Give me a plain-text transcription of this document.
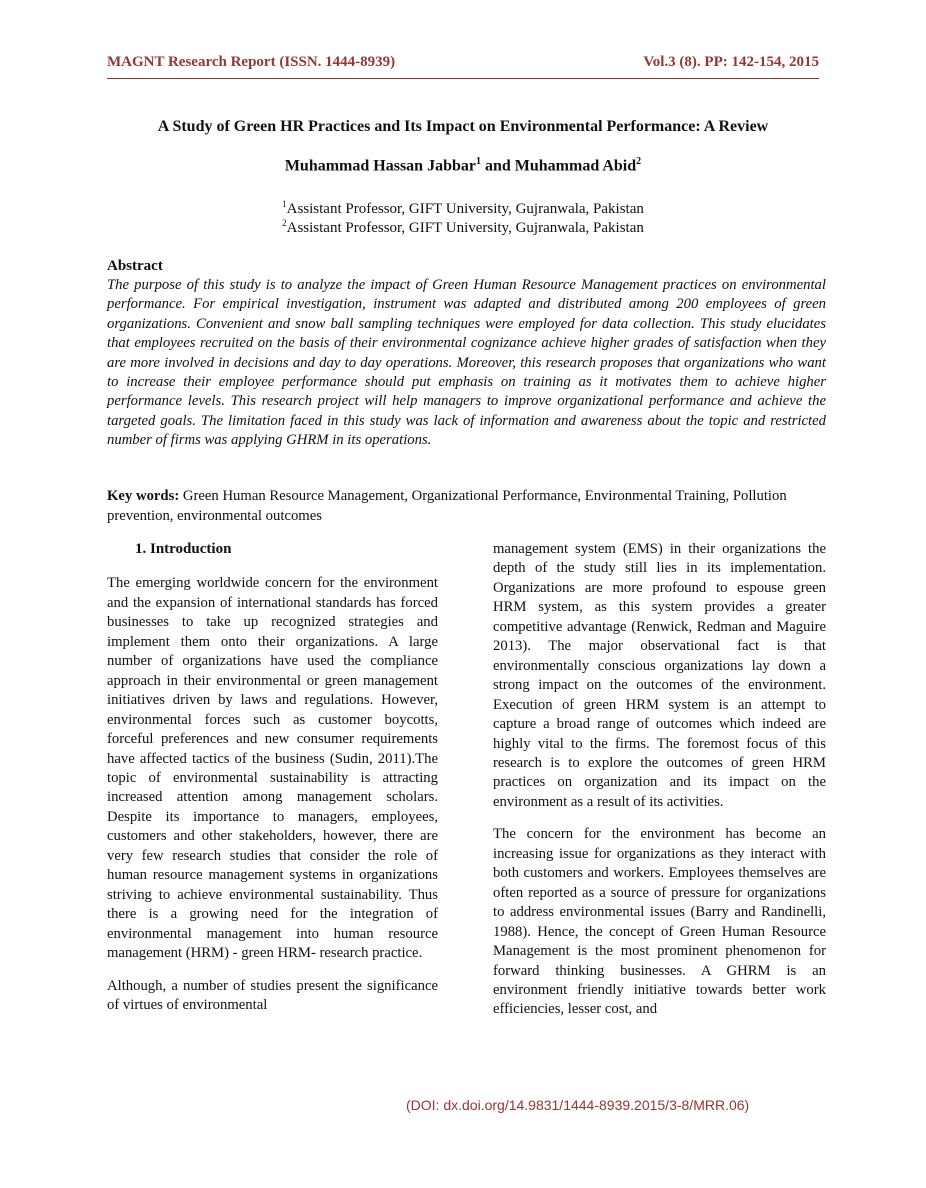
MAGNT Research Report (ISSN. 1444-8939)	Vol.3 (8). PP: 142-154, 2015
A Study of Green HR Practices and Its Impact on Environmental Performance: A Review
Muhammad Hassan Jabbar$^1$ and Muhammad Abid$^2$
$^1$Assistant Professor, GIFT University, Gujranwala, Pakistan
$^2$Assistant Professor, GIFT University, Gujranwala, Pakistan
Abstract
The purpose of this study is to analyze the impact of Green Human Resource Management practices on environmental performance. For empirical investigation, instrument was adapted and distributed among 200 employees of green organizations. Convenient and snow ball sampling techniques were employed for data collection. This study elucidates that employees recruited on the basis of their environmental cognizance achieve higher grades of satisfaction when they are more involved in decisions and day to day operations. Moreover, this research proposes that organizations who want to increase their employee performance should put emphasis on training as it motivates them to achieve higher performance levels. This research project will help managers to improve organizational performance and achieve the targeted goals. The limitation faced in this study was lack of information and awareness about the topic and restricted number of firms was applying GHRM in its operations.
Key words: Green Human Resource Management, Organizational Performance, Environmental Training, Pollution prevention, environmental outcomes
1. Introduction

The emerging worldwide concern for the environment and the expansion of international standards has forced businesses to take up recognized strategies and implement them onto their organizations. A large number of organizations have used the compliance approach in their environmental or green management initiatives driven by laws and regulations. However, environmental forces such as customer boycotts, forceful preferences and new consumer requirements have affected tactics of the business (Sudin, 2011).The topic of environmental sustainability is attracting increased attention among management scholars. Despite its importance to managers, employees, customers and other stakeholders, however, there are very few research studies that consider the role of human resource management systems in organizations striving to achieve environmental sustainability. Thus there is a growing need for the integration of environmental management into human resource management (HRM) - green HRM- research practice.

Although, a number of studies present the significance of virtues of environmental

management system (EMS) in their organizations the depth of the study still lies in its implementation. Organizations are more profound to espouse green HRM system, as this system provides a greater competitive advantage (Renwick, Redman and Maguire 2013). The major observational fact is that environmentally conscious organizations lay down a strong impact on the outcomes of the environment. Execution of green HRM system is an attempt to capture a broad range of outcomes which indeed are highly vital to the firms. The foremost focus of this research is to explore the outcomes of green HRM practices on organization and its impact on the environment as a result of its activities.

The concern for the environment has become an increasing issue for organizations as they interact with both customers and workers. Employees themselves are often reported as a source of pressure for organizations to address environmental issues (Barry and Randinelli, 1988). Hence, the concept of Green Human Resource Management is the most prominent phenomenon for forward thinking businesses. A GHRM is an environment friendly initiative towards better work efficiencies, lesser cost, and

(DOI: dx.doi.org/14.9831/1444-8939.2015/3-8/MRR.06)
